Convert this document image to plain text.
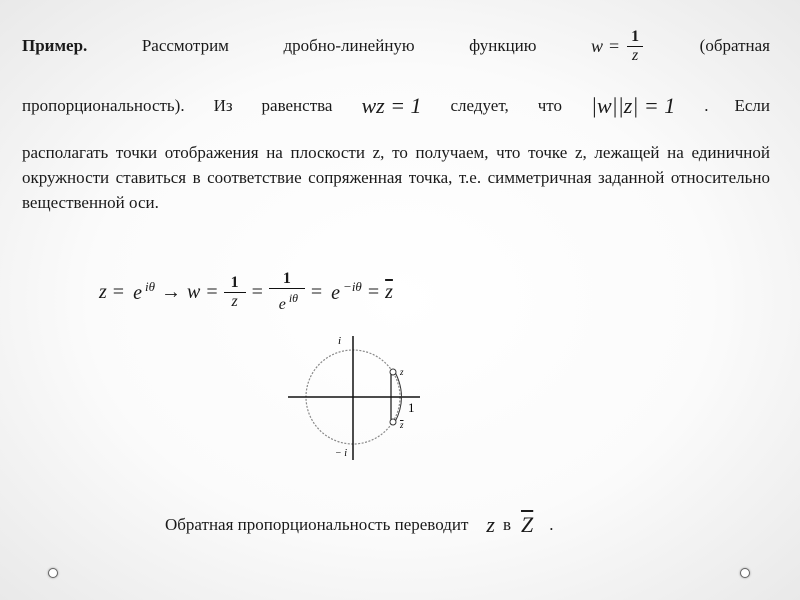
Пример.	Рассмотрим	дробно-линейную	функцию	$w = \frac{1}{z}$	(обратная
пропорциональность). Из равенства wz = 1 следует, что |w||z| = 1 . Если
располагать точки отображения на плоскости z, то получаем, что точке z, лежащей на единичной окружности ставиться в соответствие сопряженная точка, т.е. симметричная заданной относительно вещественной оси.
z = e $^{i\theta} \to w = \frac{1}{z} = \frac{1}{e ^{i\theta}} = e$ $^{-i\theta} = \overline{z}$
i
− i
1
z
z
Обратная пропорциональность переводит z в $\overline{Z}$ .
